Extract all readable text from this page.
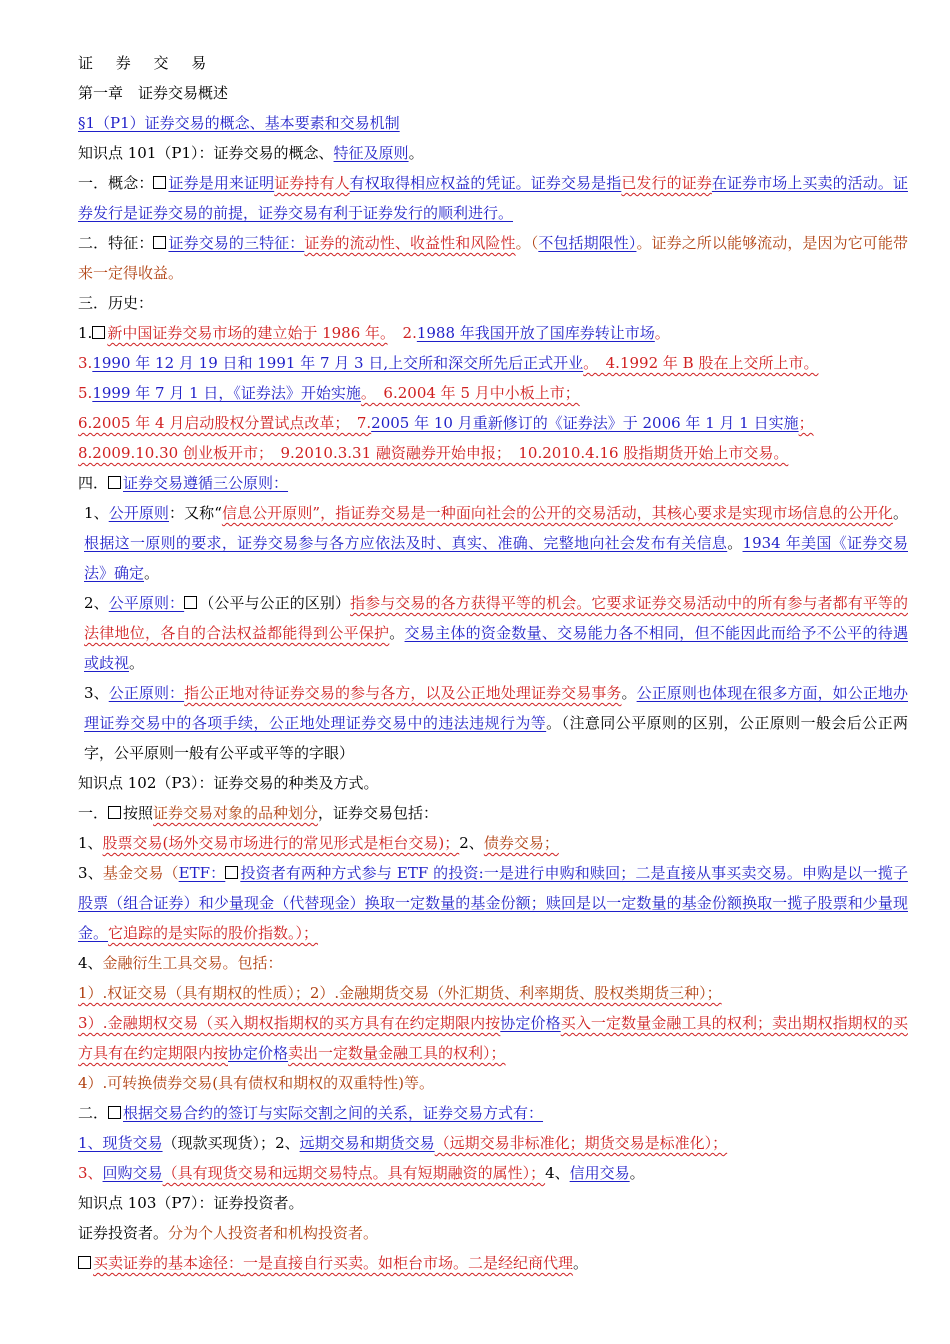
证 券 交 易
第一章　证券交易概述
§1（P1）证券交易的概念、基本要素和交易机制
知识点 101（P1）：证券交易的概念、特征及原则。
一．概念： 证券是用来证明证券持有人有权取得相应权益的凭证。证券交易是指已发行的证券在证券市场上买卖的活动。证券发行是证券交易的前提，证券交易有利于证券发行的顺利进行。
二．特征： 证券交易的三特征：证券的流动性、收益性和风险性。（不包括期限性）。证券之所以能够流动，是因为它可能带来一定得收益。
三．历史：
1. 新中国证券交易市场的建立始于 1986 年。　2.1988 年我国开放了国库券转让市场。
3.1990 年 12 月 19 日和 1991 年 7 月 3 日,上交所和深交所先后正式开业。　4.1992 年 B 股在上交所上市。
5.1999 年 7 月 1 日，《证券法》开始实施。　6.2004 年 5 月中小板上市；
6.2005 年 4 月启动股权分置试点改革；　7.2005 年 10 月重新修订的《证券法》于 2006 年 1 月 1 日实施；
8.2009.10.30 创业板开市；　9.2010.3.31 融资融券开始申报；　10.2010.4.16 股指期货开始上市交易。
四． 证券交易遵循三公原则：
1、公开原则：又称“信息公开原则”，指证券交易是一种面向社会的公开的交易活动，其核心要求是实现市场信息的公开化。根据这一原则的要求，证券交易参与各方应依法及时、真实、准确、完整地向社会发布有关信息。1934 年美国《证券交易法》确定。
2、公平原则： （公平与公正的区别）指参与交易的各方获得平等的机会。它要求证券交易活动中的所有参与者都有平等的法律地位，各自的合法权益都能得到公平保护。交易主体的资金数量、交易能力各不相同，但不能因此而给予不公平的待遇或歧视。
3、公正原则：指公正地对待证券交易的参与各方，以及公正地处理证券交易事务。公正原则也体现在很多方面，如公正地办理证券交易中的各项手续，公正地处理证券交易中的违法违规行为等。（注意同公平原则的区别，公正原则一般会后公正两字，公平原则一般有公平或平等的字眼）
知识点 102（P3）：证券交易的种类及方式。
一． 按照证券交易对象的品种划分，证券交易包括：
1、股票交易(场外交易市场进行的常见形式是柜台交易)；2、债券交易；
3、基金交易（ETF： 投资者有两种方式参与 ETF 的投资:一是进行申购和赎回；二是直接从事买卖交易。申购是以一揽子股票（组合证券）和少量现金（代替现金）换取一定数量的基金份额；赎回是以一定数量的基金份额换取一揽子股票和少量现金。它追踪的是实际的股价指数。）；
4、金融衍生工具交易。包括：
1）.权证交易（具有期权的性质）；2）.金融期货交易（外汇期货、利率期货、股权类期货三种）；
3）.金融期权交易（买入期权指期权的买方具有在约定期限内按协定价格买入一定数量金融工具的权利；卖出期权指期权的买方具有在约定期限内按协定价格卖出一定数量金融工具的权利）；
4）.可转换债券交易(具有债权和期权的双重特性)等。
二． 根据交易合约的签订与实际交割之间的关系，证券交易方式有：
1、现货交易（现款买现货）；2、远期交易和期货交易（远期交易非标准化；期货交易是标准化）；
3、回购交易（具有现货交易和远期交易特点。具有短期融资的属性）；4、信用交易。
知识点 103（P7）：证券投资者。
证券投资者。分为个人投资者和机构投资者。
买卖证券的基本途径：一是直接自行买卖。如柜台市场。二是经纪商代理。
